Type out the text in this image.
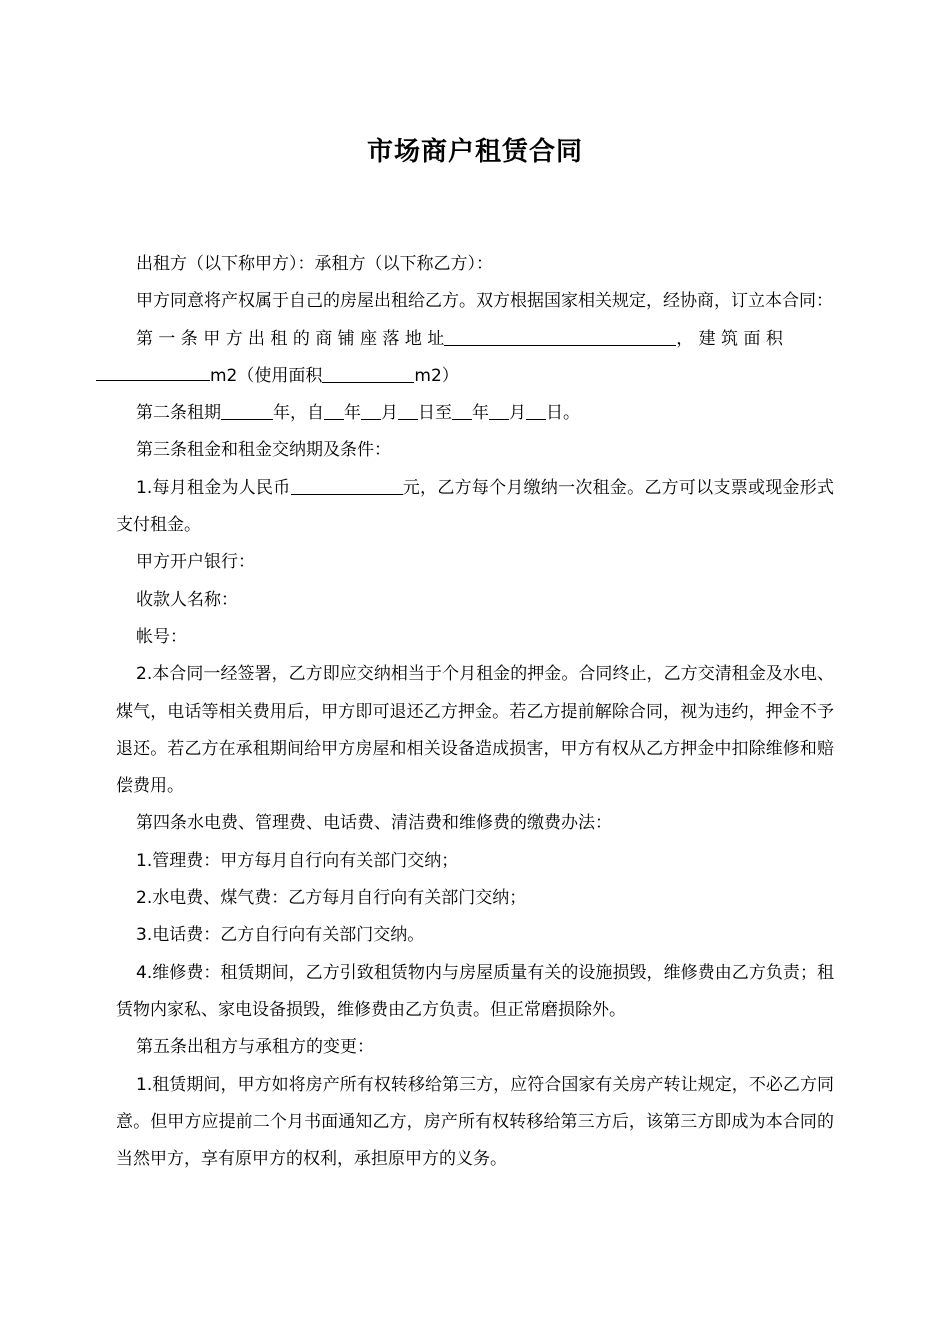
市场商户租赁合同

出租方（以下称甲方）：承租方（以下称乙方）：

甲方同意将产权属于自己的房屋出租给乙方。双方根据国家相关规定，经协商，订立本合同：

第 一 条 甲 方 出 租 的 商 铺 座 落 地 址	， 建 筑 面 积
m2（使用面积	m2）

第二条租期	年，自 年 月 日至 年 月 日。

第三条租金和租金交纳期及条件：

1.每月租金为人民币	元，乙方每个月缴纳一次租金。乙方可以支票或现金形式支付租金。

甲方开户银行：

收款人名称：

帐号：

2.本合同一经签署，乙方即应交纳相当于个月租金的押金。合同终止，乙方交清租金及水电、煤气，电话等相关费用后，甲方即可退还乙方押金。若乙方提前解除合同，视为违约，押金不予退还。若乙方在承租期间给甲方房屋和相关设备造成损害，甲方有权从乙方押金中扣除维修和赔偿费用。

第四条水电费、管理费、电话费、清洁费和维修费的缴费办法：

1.管理费：甲方每月自行向有关部门交纳；

2.水电费、煤气费：乙方每月自行向有关部门交纳；

3.电话费：乙方自行向有关部门交纳。

4.维修费：租赁期间，乙方引致租赁物内与房屋质量有关的设施损毁，维修费由乙方负责；租赁物内家私、家电设备损毁，维修费由乙方负责。但正常磨损除外。

第五条出租方与承租方的变更：

1.租赁期间，甲方如将房产所有权转移给第三方，应符合国家有关房产转让规定，不必乙方同意。但甲方应提前二个月书面通知乙方，房产所有权转移给第三方后，该第三方即成为本合同的当然甲方，享有原甲方的权利，承担原甲方的义务。
